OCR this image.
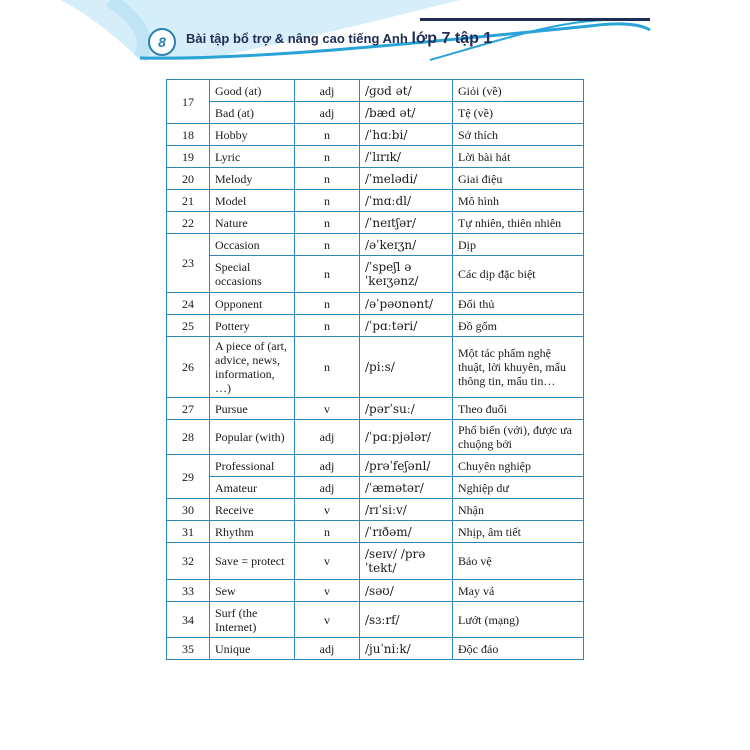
8	Bài tập bổ trợ & nâng cao tiếng Anh lớp 7 tập 1
17	Good (at)	adj	/ɡʊd ət/	Giỏi (về)
	Bad (at)	adj	/bæd ət/	Tệ (về)
18	Hobby	n	/ˈhɑːbi/	Sở thích
19	Lyric	n	/ˈlɪrɪk/	Lời bài hát
20	Melody	n	/ˈmelədi/	Giai điệu
21	Model	n	/ˈmɑːdl/	Mô hình
22	Nature	n	/ˈneɪtʃər/	Tự nhiên, thiên nhiên
23	Occasion	n	/əˈkeɪʒn/	Dịp
	Special occasions	n	/ˈspeʃl əˈkeɪʒənz/	Các dịp đặc biệt
24	Opponent	n	/əˈpəʊnənt/	Đối thủ
25	Pottery	n	/ˈpɑːtəri/	Đồ gốm
26	A piece of (art, advice, news, information, …)	n	/piːs/	Một tác phẩm nghệ thuật, lời khuyên, mẩu thông tin, mẩu tin…
27	Pursue	v	/pərˈsuː/	Theo đuổi
28	Popular (with)	adj	/ˈpɑːpjələr/	Phổ biến (với), được ưa chuộng bởi
29	Professional	adj	/prəˈfeʃənl/	Chuyên nghiệp
	Amateur	adj	/ˈæmətər/	Nghiệp dư
30	Receive	v	/rɪˈsiːv/	Nhận
31	Rhythm	n	/ˈrɪðəm/	Nhịp, âm tiết
32	Save = protect	v	/seɪv/ /prəˈtekt/	Bảo vệ
33	Sew	v	/səʊ/	May vá
34	Surf (the Internet)	v	/sɜːrf/	Lướt (mạng)
35	Unique	adj	/juˈniːk/	Độc đáo
